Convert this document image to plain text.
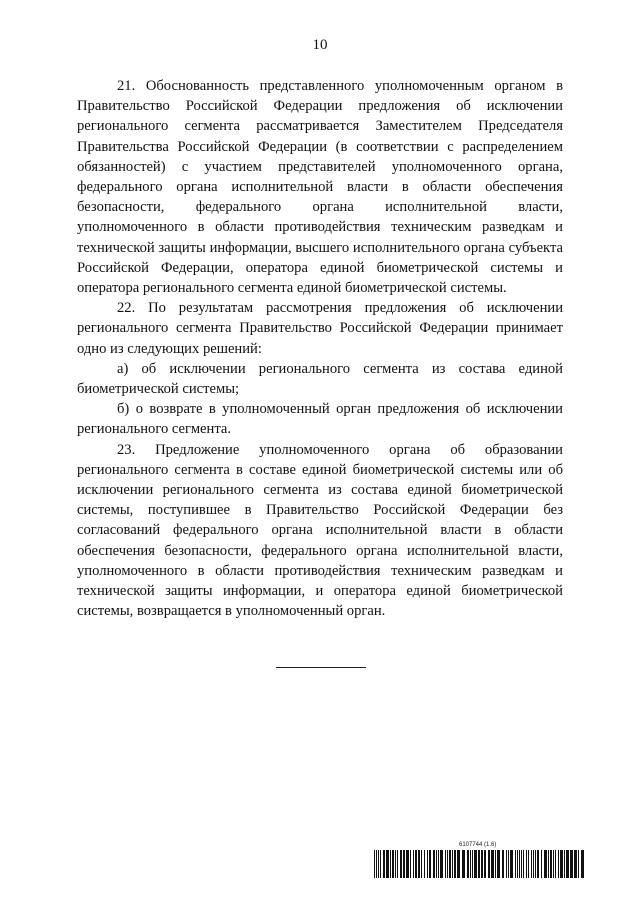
10

21. Обоснованность представленного уполномоченным органом в Правительство Российской Федерации предложения об исключении регионального сегмента рассматривается Заместителем Председателя Правительства Российской Федерации (в соответствии с распределением обязанностей) с участием представителей уполномоченного органа, федерального органа исполнительной власти в области обеспечения безопасности, федерального органа исполнительной власти, уполномоченного в области противодействия техническим разведкам и технической защиты информации, высшего исполнительного органа субъекта Российской Федерации, оператора единой биометрической системы и оператора регионального сегмента единой биометрической системы.

22. По результатам рассмотрения предложения об исключении регионального сегмента Правительство Российской Федерации принимает одно из следующих решений:

а) об исключении регионального сегмента из состава единой биометрической системы;

б) о возврате в уполномоченный орган предложения об исключении регионального сегмента.

23. Предложение уполномоченного органа об образовании регионального сегмента в составе единой биометрической системы или об исключении регионального сегмента из состава единой биометрической системы, поступившее в Правительство Российской Федерации без согласований федерального органа исполнительной власти в области обеспечения безопасности, федерального органа исполнительной власти, уполномоченного в области противодействия техническим разведкам и технической защиты информации, и оператора единой биометрической системы, возвращается в уполномоченный орган.

6107744 (1.6)
